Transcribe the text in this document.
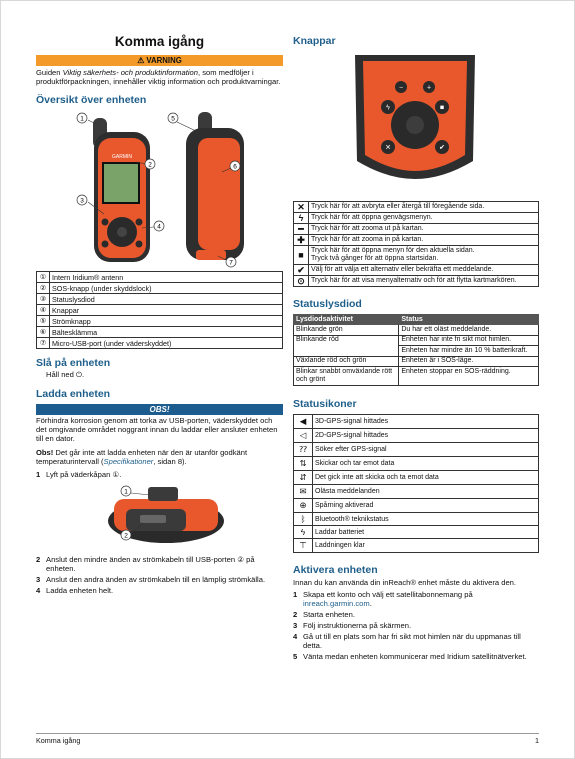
Komma igång
⚠ VARNING

Guiden Viktig säkerhets- och produktinformation, som medföljer i produktförpackningen, innehåller viktig information och produktvarningar.

Översikt över enheten
GARMIN
1
2
3
4
5
6
7
①	Intern Iridium® antenn
②	SOS-knapp (under skyddslock)
③	Statuslysdiod
④	Knappar
⑤	Strömknapp
⑥	Bältesklämma
⑦	Micro-USB-port (under väderskyddet)
Slå på enheten

Håll ned ⏻.

Ladda enheten
OBS!

Förhindra korrosion genom att torka av USB-porten, väderskyddet och det omgivande området noggrant innan du laddar eller ansluter enheten till en dator.

Obs! Det går inte att ladda enheten när den är utanför godkänt temperaturintervall (Specifikationer, sidan 8).

1 Lyft på väderkåpan ①.
1
2
2 Anslut den mindre änden av strömkabeln till USB-porten ② på enheten.
3 Anslut den andra änden av strömkabeln till en lämplig strömkälla.
4 Ladda enheten helt.
Knappar
ϟ	■
✕	✔
−	+
✕	Tryck här för att avbryta eller återgå till föregående sida.
ϟ	Tryck här för att öppna genvägsmenyn.
━	Tryck här för att zooma ut på kartan.
✚	Tryck här för att zooma in på kartan.
■	Tryck här för att öppna menyn för den aktuella sidan.
Tryck två gånger för att öppna startsidan.
✔	Välj för att välja ett alternativ eller bekräfta ett meddelande.
⊙	Tryck här för att visa menyalternativ och för att flytta kartmarkören.
Statuslysdiod
Lysdiodsaktivitet	Status
Blinkande grön	Du har ett oläst meddelande.
Blinkande röd	Enheten har inte fri sikt mot himlen.
	Enheten har mindre än 10 % batterikraft.
Växlande röd och grön	Enheten är i SOS-läge.
Blinkar snabbt omväxlande rött och grönt	Enheten stoppar en SOS-räddning.
Statusikoner
◀	3D-GPS-signal hittades
◁	2D-GPS-signal hittades
⁇	Söker efter GPS-signal
⇅	Skickar och tar emot data
⇵	Det gick inte att skicka och ta emot data
✉	Olästa meddelanden
⊕	Spårning aktiverad
ᛒ	Bluetooth® teknikstatus
ϟ	Laddar batteriet
⊤	Laddningen klar
Aktivera enheten

Innan du kan använda din inReach® enhet måste du aktivera den.

1 Skapa ett konto och välj ett satellitabonnemang på inreach.garmin.com.
2 Starta enheten.
3 Följ instruktionerna på skärmen.
4 Gå ut till en plats som har fri sikt mot himlen när du uppmanas till detta.
5 Vänta medan enheten kommunicerar med Iridium satellitnätverket.
Komma igång	1
